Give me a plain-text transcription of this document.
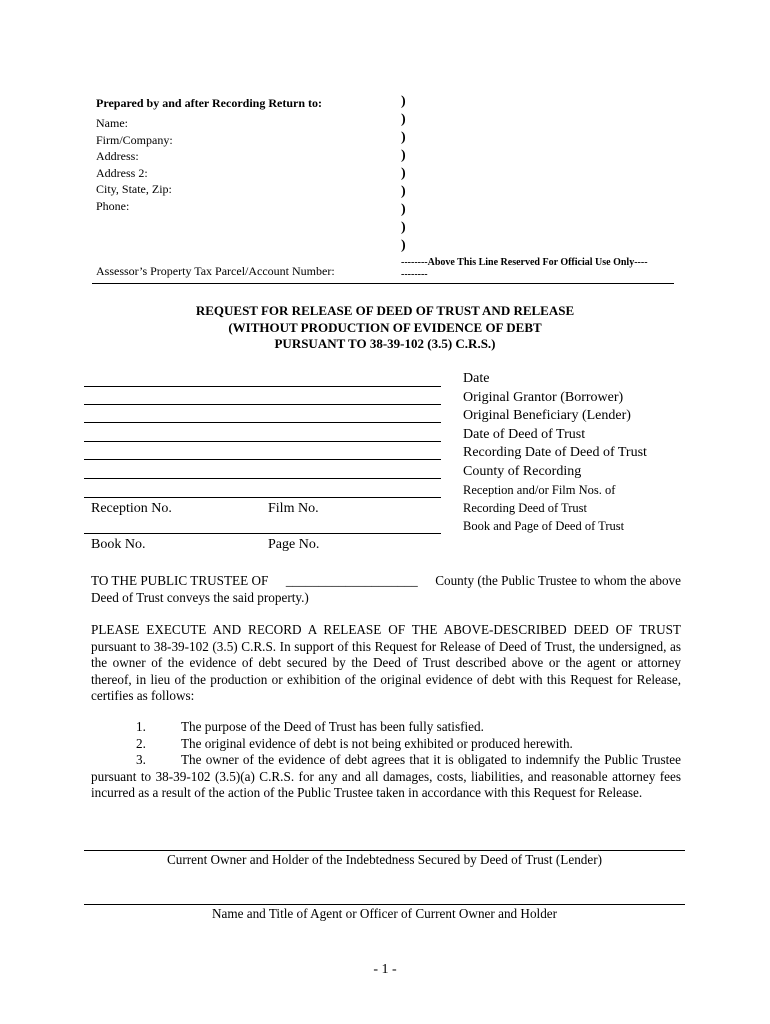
Prepared by and after Recording Return to:
Name:
Firm/Company:
Address:
Address 2:
City, State, Zip:
Phone:
)
)
)
)
)
)
)
)
)
--------Above This Line Reserved For Official Use Only----
--------
Assessor’s Property Tax Parcel/Account Number:
REQUEST FOR RELEASE OF DEED OF TRUST AND RELEASE
(WITHOUT PRODUCTION OF EVIDENCE OF DEBT
PURSUANT TO 38-39-102 (3.5) C.R.S.)
Date
Original Grantor (Borrower)
Original Beneficiary (Lender)
Date of Deed of Trust
Recording Date of Deed of Trust
County of Recording
Reception and/or Film Nos. of
Recording Deed of Trust
Book and Page of Deed of Trust
Reception No.	Film No.
Book No.	Page No.
TO THE PUBLIC TRUSTEE OF ____________________ County (the Public Trustee to whom the above
Deed of Trust conveys the said property.)
PLEASE EXECUTE AND RECORD A RELEASE OF THE ABOVE-DESCRIBED DEED OF TRUST pursuant to 38-39-102 (3.5) C.R.S. In support of this Request for Release of Deed of Trust, the undersigned, as the owner of the evidence of debt secured by the Deed of Trust described above or the agent or attorney thereof, in lieu of the production or exhibition of the original evidence of debt with this Request for Release, certifies as follows:
1.	The purpose of the Deed of Trust has been fully satisfied.
2.	The original evidence of debt is not being exhibited or produced herewith.
3.	The owner of the evidence of debt agrees that it is obligated to indemnify the Public Trustee pursuant to 38-39-102 (3.5)(a) C.R.S. for any and all damages, costs, liabilities, and reasonable attorney fees incurred as a result of the action of the Public Trustee taken in accordance with this Request for Release.
Current Owner and Holder of the Indebtedness Secured by Deed of Trust (Lender)
Name and Title of Agent or Officer of Current Owner and Holder
- 1 -
